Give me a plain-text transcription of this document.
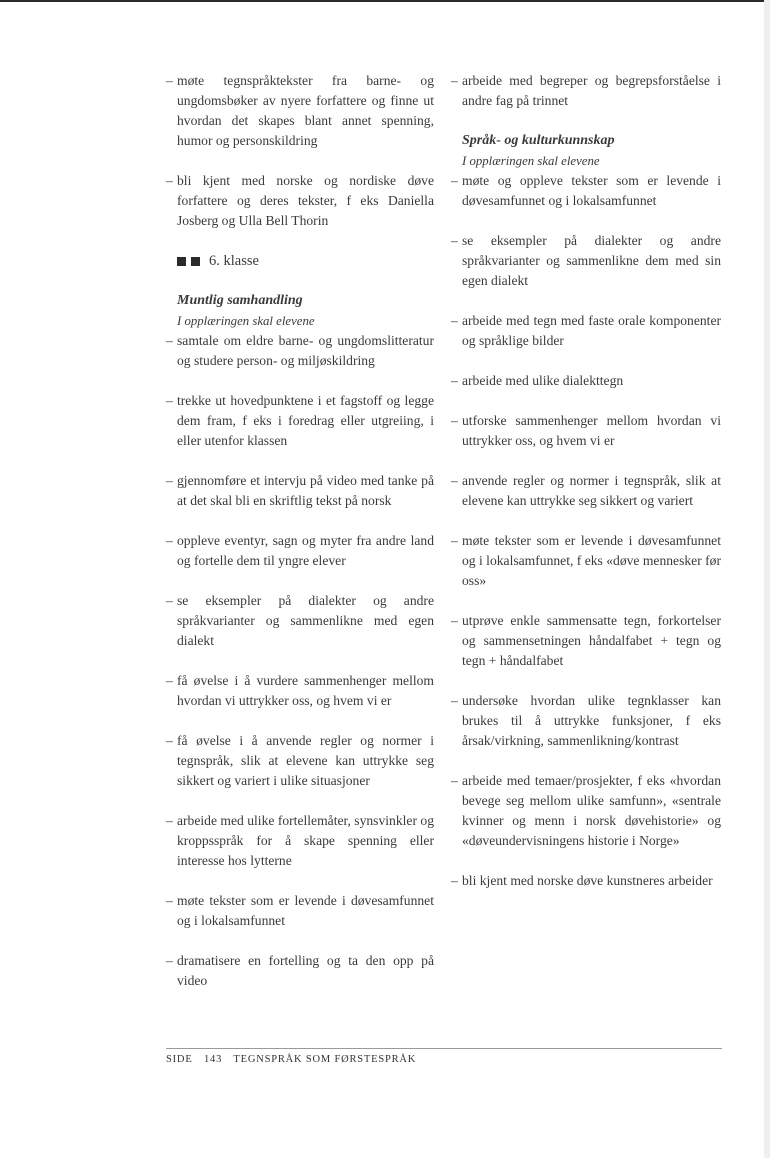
– møte tegnspråktekster fra barne- og ungdomsbøker av nyere forfattere og finne ut hvordan det skapes blant annet spenning, humor og personskildring
– bli kjent med norske og nordiske døve forfattere og deres tekster, f eks Daniella Josberg og Ulla Bell Thorin
6. klasse
Muntlig samhandling
I opplæringen skal elevene
– samtale om eldre barne- og ungdomslitteratur og studere person- og miljøskildring
– trekke ut hovedpunktene i et fagstoff og legge dem fram, f eks i foredrag eller utgreiing, i eller utenfor klassen
– gjennomføre et intervju på video med tanke på at det skal bli en skriftlig tekst på norsk
– oppleve eventyr, sagn og myter fra andre land og fortelle dem til yngre elever
– se eksempler på dialekter og andre språkvarianter og sammenlikne med egen dialekt
– få øvelse i å vurdere sammenhenger mellom hvordan vi uttrykker oss, og hvem vi er
– få øvelse i å anvende regler og normer i tegnspråk, slik at elevene kan uttrykke seg sikkert og variert i ulike situasjoner
– arbeide med ulike fortellemåter, synsvinkler og kroppsspråk for å skape spenning eller interesse hos lytterne
– møte tekster som er levende i døvesamfunnet og i lokalsamfunnet
– dramatisere en fortelling og ta den opp på video
– arbeide med begreper og begrepsforståelse i andre fag på trinnet
Språk- og kulturkunnskap
I opplæringen skal elevene
– møte og oppleve tekster som er levende i døvesamfunnet og i lokalsamfunnet
– se eksempler på dialekter og andre språkvarianter og sammenlikne dem med sin egen dialekt
– arbeide med tegn med faste orale komponenter og språklige bilder
– arbeide med ulike dialekttegn
– utforske sammenhenger mellom hvordan vi uttrykker oss, og hvem vi er
– anvende regler og normer i tegnspråk, slik at elevene kan uttrykke seg sikkert og variert
– møte tekster som er levende i døvesamfunnet og i lokalsamfunnet, f eks «døve mennesker før oss»
– utprøve enkle sammensatte tegn, forkortelser og sammensetningen håndalfabet + tegn og tegn + håndalfabet
– undersøke hvordan ulike tegnklasser kan brukes til å uttrykke funksjoner, f eks årsak/virkning, sammenlikning/kontrast
– arbeide med temaer/prosjekter, f eks «hvordan bevege seg mellom ulike samfunn», «sentrale kvinner og menn i norsk døvehistorie» og «døveundervisningens historie i Norge»
– bli kjent med norske døve kunstneres arbeider
SIDE 143 TEGNSPRÅK SOM FØRSTESPRÅK
